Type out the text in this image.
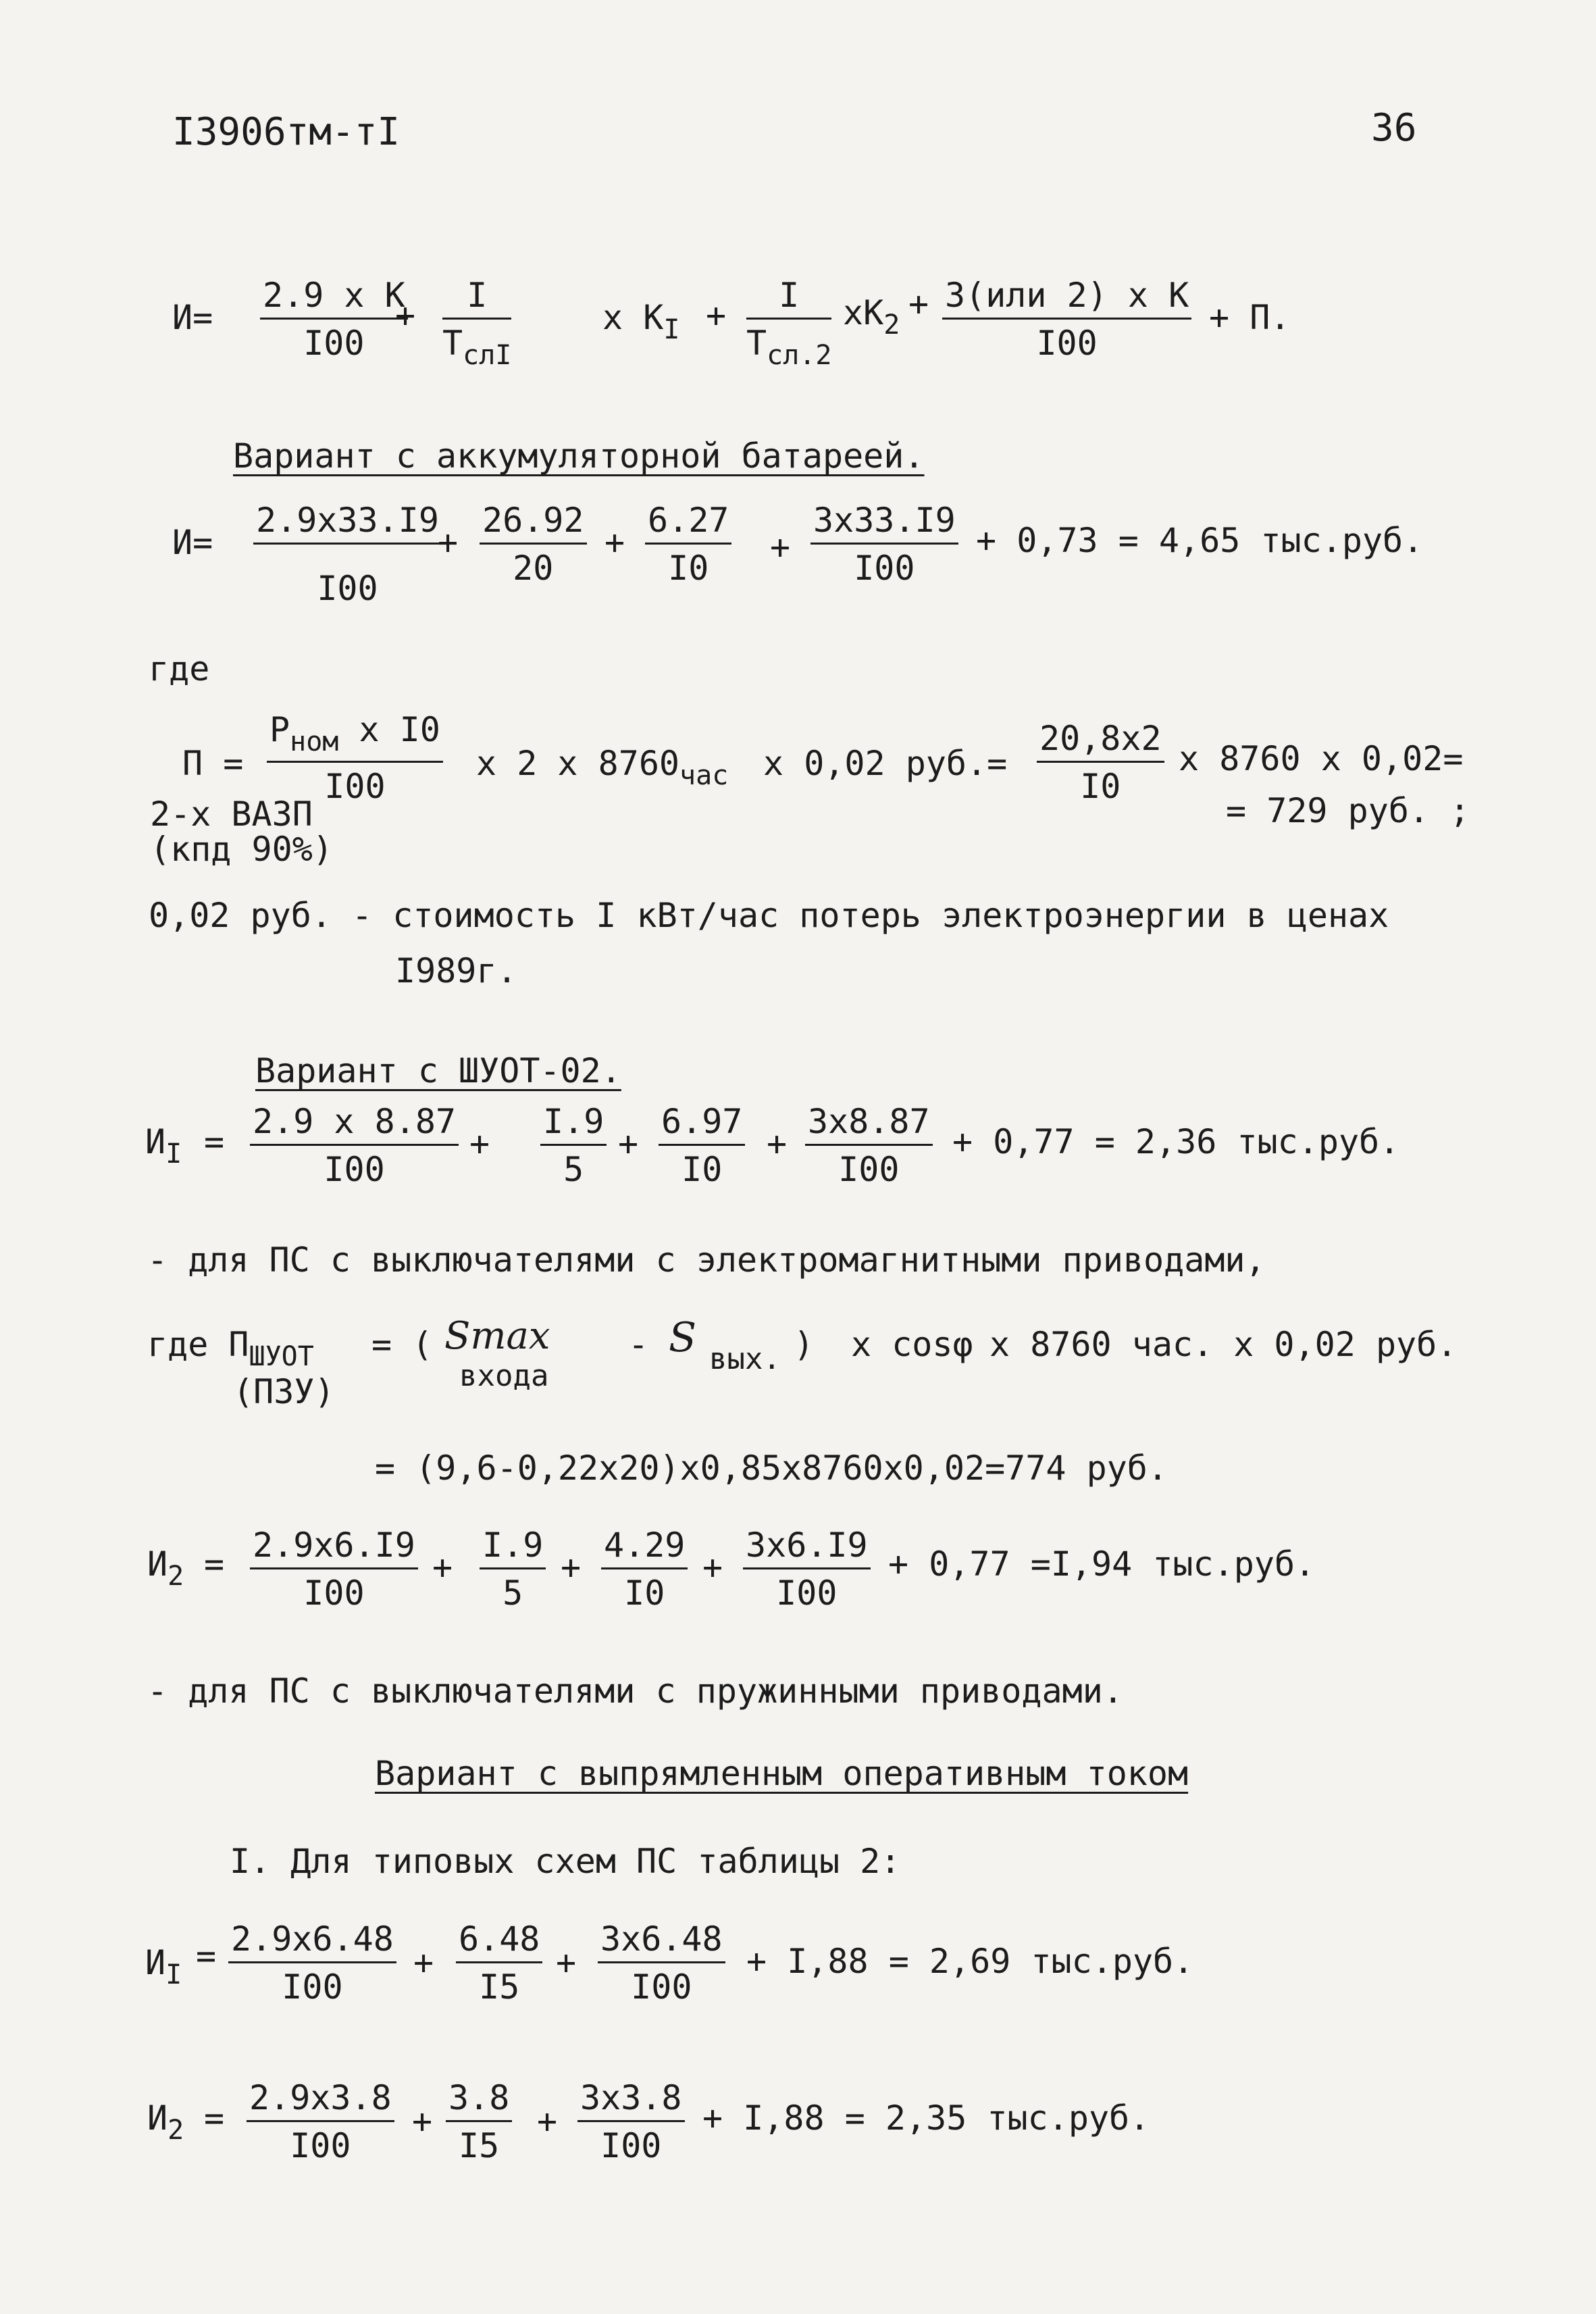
I3906тм-тI	36
$И= \frac{\text{2.9 x K}}{I00}$
+
I
$T_{слI}$
x $K_I$ +
I
$T_{сл.2}$
$xK_2$
+ 3(или 2) x K
I00
+ П.
Вариант с аккумуляторной батареей.
$И= \frac{2.9x33.I9}{I00}$
+ $\frac{26.92}{20} + \frac{6.27}{I0} + \frac{3x33.I9}{I00} + 0,73 = 4,65$ тыс.руб.
где
П =
$P_{ном}$ x I0
I00
x 2 x $8760_{час}$ x 0,02 $руб.= \frac{20,8x2}{I0}$ x 8760 x 0,02=
= 729 руб. ;
2-х ВАЗП
(кпд 90%)
0,02 руб. - стоимость I кВт/час потерь электроэнергии в ценах
I989г.
Вариант с ШУОТ-02.
$И_I = \frac{2.9 x 8.87}{I00} + \frac{I.9}{5} + \frac{6.97}{I0} + \frac{3x8.87}{I00} + 0,77 = 2,36$ тыс.руб.
- для ПС с выключателями с электромагнитными приводами,
где $П_{ШУОТ}$
(ПЗУ)
= ( Smax
входа
- S вых. ) x cosφ x 8760 час. x 0,02 руб.
= (9,6-0,22x20)x0,85x8760x0,02=774 руб.
$И_2 = \frac{2.9x6.I9}{I00} + \frac{I.9}{5} + \frac{4.29}{I0} + \frac{3x6.I9}{I00} + 0,77 =I,94$ тыс.руб.
- для ПС с выключателями с пружинными приводами.
Вариант с выпрямленным оперативным током
I. Для типовых схем ПС таблицы 2:
$И_I = \frac{2.9x6.48}{I00} + \frac{6.48}{I5} + \frac{3x6.48}{I00} + I,88 = 2,69$ тыс.руб.
$И_2 = \frac{2.9x3.8}{I00} + \frac{3.8}{I5} + \frac{3x3.8}{I00} + I,88 = 2,35$ тыс.руб.
